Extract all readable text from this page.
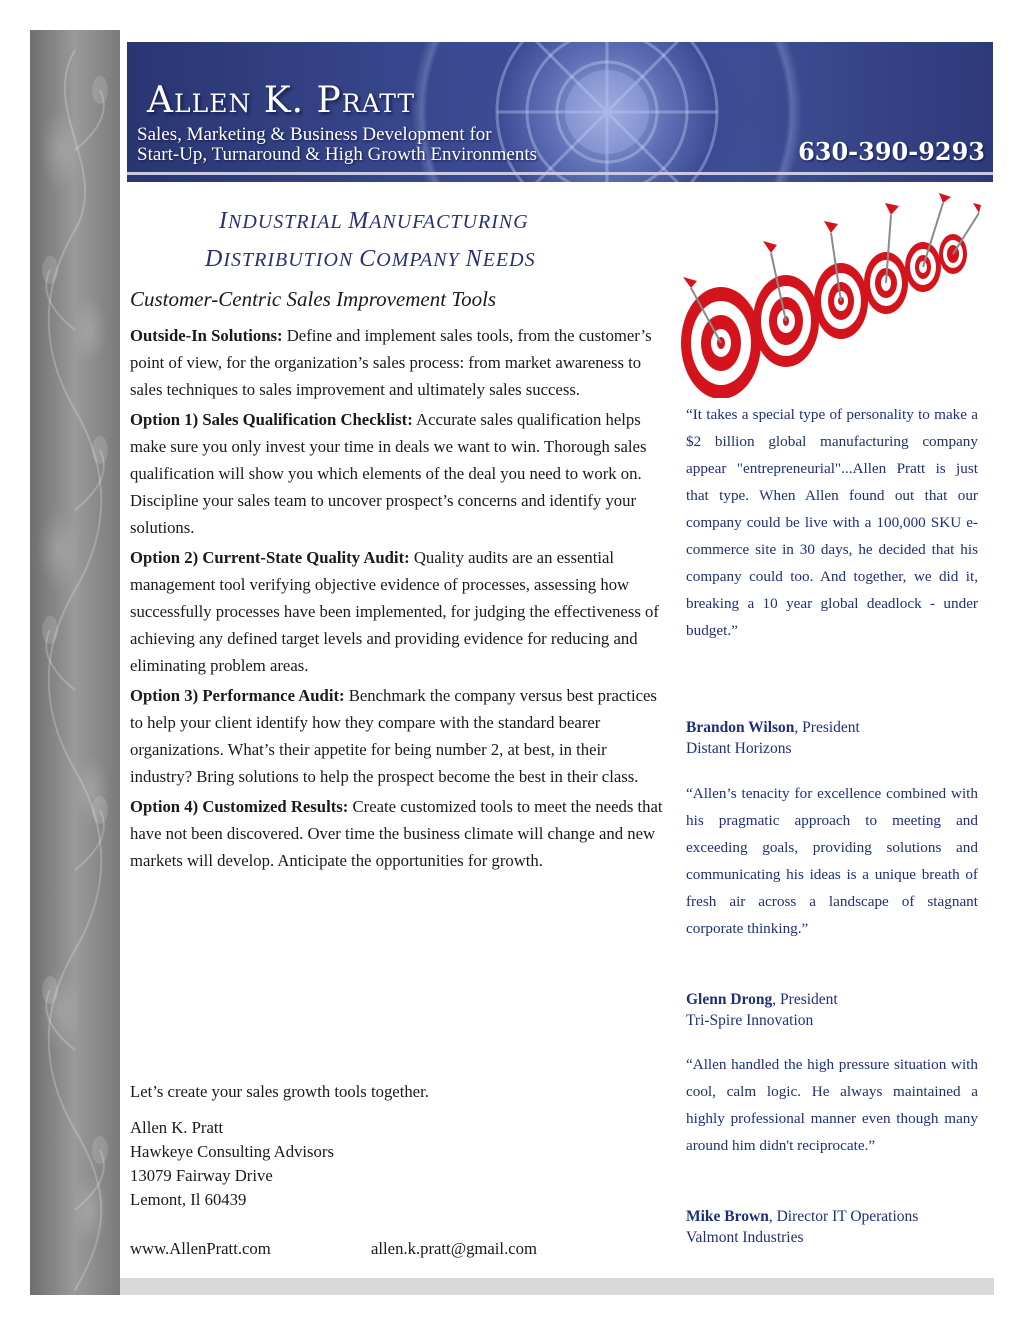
Allen K. Pratt
Sales, Marketing & Business Development for
Start-Up, Turnaround & High Growth Environments	630-390-9293
INDUSTRIAL MANUFACTURING
DISTRIBUTION COMPANY NEEDS
Customer-Centric Sales Improvement Tools

Outside-In Solutions: Define and implement sales tools, from the customer’s point of view, for the organization’s sales process: from market awareness to sales techniques to sales improvement and ultimately sales success.

Option 1) Sales Qualification Checklist: Accurate sales qualification helps make sure you only invest your time in deals we want to win. Thorough sales qualification will show you which elements of the deal you need to work on. Discipline your sales team to uncover prospect’s concerns and identify your solutions.

Option 2) Current-State Quality Audit: Quality audits are an essential management tool verifying objective evidence of processes, assessing how successfully processes have been implemented, for judging the effectiveness of achieving any defined target levels and providing evidence for reducing and eliminating problem areas.

Option 3) Performance Audit: Benchmark the company versus best practices to help your client identify how they compare with the standard bearer organizations. What’s their appetite for being number 2, at best, in their industry? Bring solutions to help the prospect become the best in their class.

Option 4) Customized Results: Create customized tools to meet the needs that have not been discovered. Over time the business climate will change and new markets will develop. Anticipate the opportunities for growth.

Let’s create your sales growth tools together.
Allen K. Pratt
Hawkeye Consulting Advisors
13079 Fairway Drive
Lemont, Il 60439
www.AllenPratt.com	allen.k.pratt@gmail.com
“It takes a special type of personality to make a $2 billion global manufacturing company appear "entrepreneurial"...Allen Pratt is just that type. When Allen found out that our company could be live with a 100,000 SKU e-commerce site in 30 days, he decided that his company could too. And together, we did it, breaking a 10 year global deadlock - under budget.”
Brandon Wilson, President
Distant Horizons
“Allen’s tenacity for excellence combined with his pragmatic approach to meeting and exceeding goals, providing solutions and communicating his ideas is a unique breath of fresh air across a landscape of stagnant corporate thinking.”
Glenn Drong, President
Tri-Spire Innovation
“Allen handled the high pressure situation with cool, calm logic. He always maintained a highly professional manner even though many around him didn't reciprocate.”
Mike Brown, Director IT Operations
Valmont Industries
